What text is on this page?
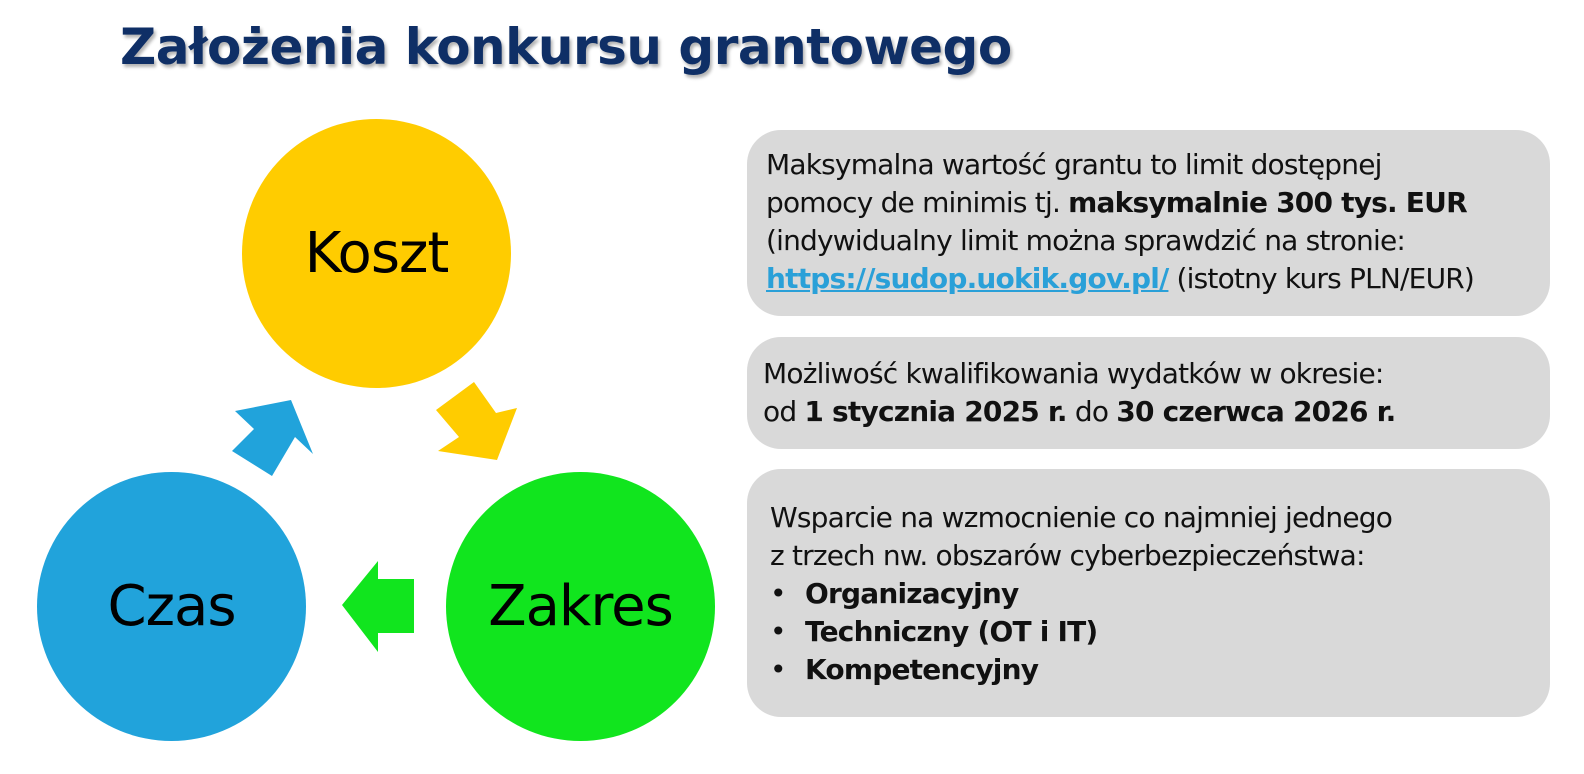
Założenia konkursu grantowego
Koszt
Czas	Zakres

Maksymalna wartość grantu to limit dostępnej

pomocy de minimis tj. maksymalnie 300 tys. EUR

(indywidualny limit można sprawdzić na stronie:

https://sudop.uokik.gov.pl/ (istotny kurs PLN/EUR)

Możliwość kwalifikowania wydatków w okresie:

od 1 stycznia 2025 r. do 30 czerwca 2026 r.

Wsparcie na wzmocnienie co najmniej jednego

z trzech nw. obszarów cyberbezpieczeństwa:

• Organizacyjny
• Techniczny (OT i IT)
• Kompetencyjny
